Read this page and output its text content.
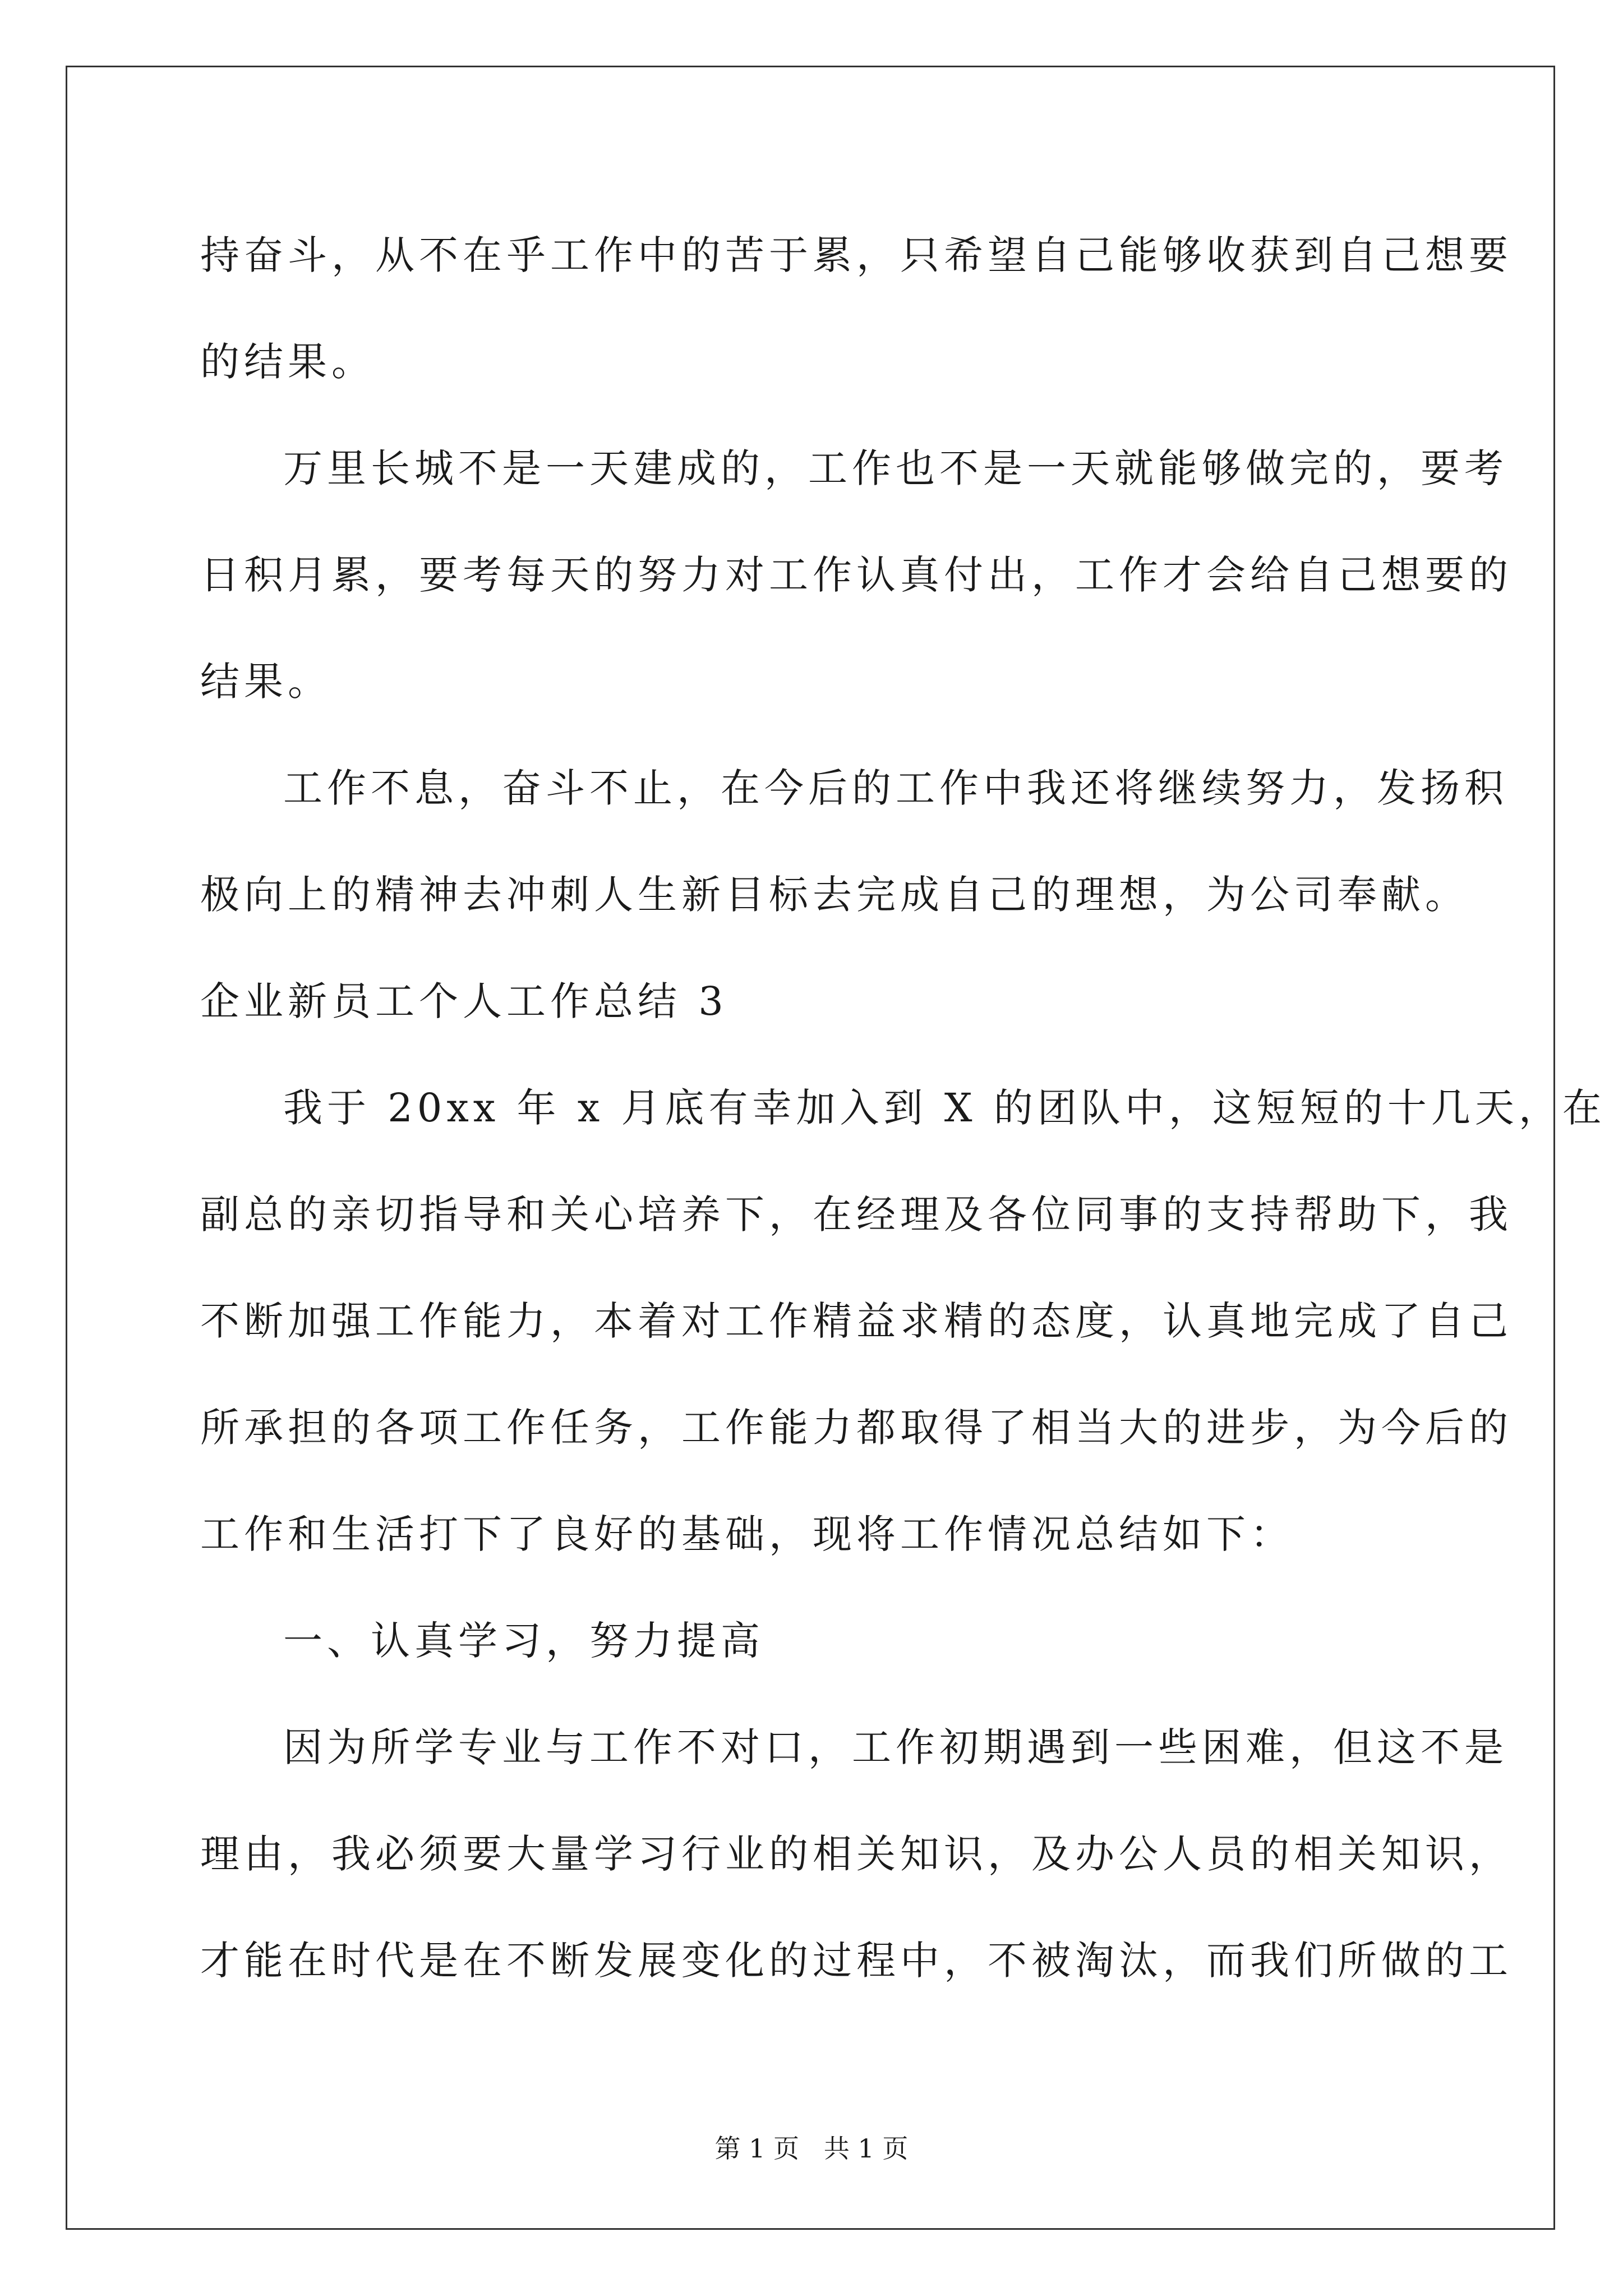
持奋斗，从不在乎工作中的苦于累，只希望自己能够收获到自己想要
的结果。
万里长城不是一天建成的，工作也不是一天就能够做完的，要考
日积月累，要考每天的努力对工作认真付出，工作才会给自己想要的
结果。
工作不息，奋斗不止，在今后的工作中我还将继续努力，发扬积
极向上的精神去冲刺人生新目标去完成自己的理想，为公司奉献。
企业新员工个人工作总结 3
我于 20xx 年 x 月底有幸加入到 X 的团队中，这短短的十几天，在
副总的亲切指导和关心培养下，在经理及各位同事的支持帮助下，我
不断加强工作能力，本着对工作精益求精的态度，认真地完成了自己
所承担的各项工作任务，工作能力都取得了相当大的进步，为今后的
工作和生活打下了良好的基础，现将工作情况总结如下：
一、认真学习，努力提高
因为所学专业与工作不对口，工作初期遇到一些困难，但这不是
理由，我必须要大量学习行业的相关知识，及办公人员的相关知识，
才能在时代是在不断发展变化的过程中，不被淘汰，而我们所做的工
第 1 页   共 1 页
